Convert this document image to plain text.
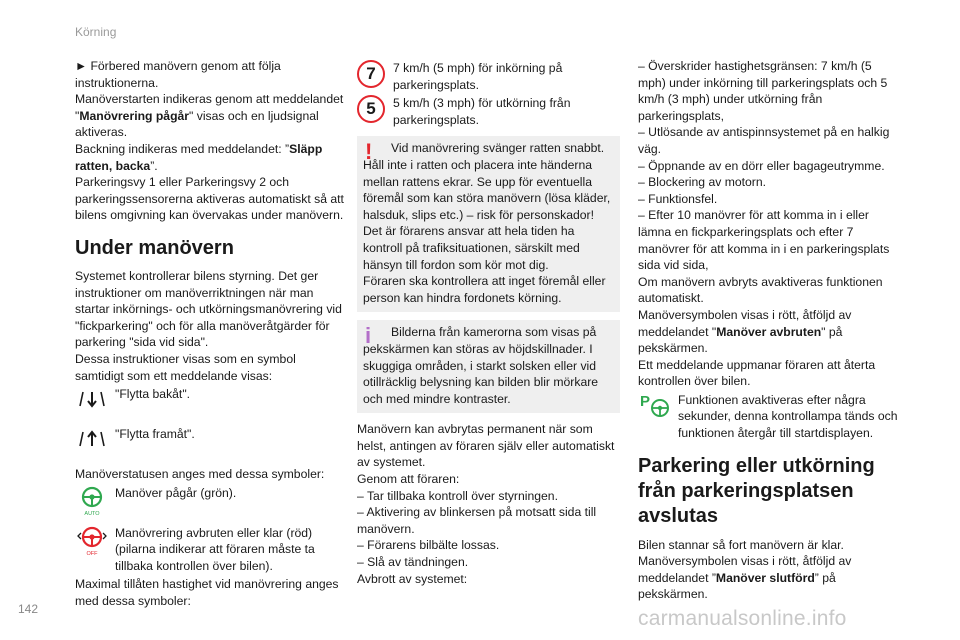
Körning

► Förbered manövern genom att följa instruktionerna.

Manöverstarten indikeras genom att meddelandet "Manövrering pågår" visas och en ljudsignal aktiveras.

Backning indikeras med meddelandet: ”Släpp ratten, backa”.

Parkeringsvy 1 eller Parkeringsvy 2 och parkeringssensorerna aktiveras automatiskt så att bilens omgivning kan övervakas under manövern.

Under manövern

Systemet kontrollerar bilens styrning. Det ger instruktioner om manöverriktningen när man startar inkörnings- och utkörningsmanövrering vid "fickparkering" och för alla manöveråtgärder för parkering "sida vid sida".

Dessa instruktioner visas som en symbol samtidigt som ett meddelande visas:

"Flytta bakåt".
"Flytta framåt".

Manöverstatusen anges med dessa symboler:

AUTO
Manöver pågår (grön).
OFF
Manövrering avbruten eller klar (röd) (pilarna indikerar att föraren måste ta tillbaka kontrollen över bilen).

Maximal tillåten hastighet vid manövrering anges med dessa symboler:

7	7 km/h (5 mph) för inkörning på parkeringsplats.
5	5 km/h (3 mph) för utkörning från parkeringsplats.
!	Vid manövrering svänger ratten snabbt. Håll inte i ratten och placera inte händerna mellan rattens ekrar. Se upp för eventuella föremål som kan störa manövern (lösa kläder, halsduk, slips etc.) – risk för personskador!

Det är förarens ansvar att hela tiden ha kontroll på trafiksituationen, särskilt med hänsyn till fordon som kör mot dig.

Föraren ska kontrollera att inget föremål eller person kan hindra fordonets körning.

i	Bilderna från kamerorna som visas på pekskärmen kan störas av höjdskillnader. I skuggiga områden, i starkt solsken eller vid otillräcklig belysning kan bilden blir mörkare och med mindre kontraster.

Manövern kan avbrytas permanent när som helst, antingen av föraren själv eller automatiskt av systemet.

Genom att föraren:

– Tar tillbaka kontroll över styrningen.

– Aktivering av blinkersen på motsatt sida till manövern.

– Förarens bilbälte lossas.

– Slå av tändningen.

Avbrott av systemet:

– Överskrider hastighetsgränsen: 7 km/h (5 mph) under inkörning till parkeringsplats och 5 km/h (3 mph) under utkörning från parkeringsplats,

– Utlösande av antispinnsystemet på en halkig väg.

– Öppnande av en dörr eller bagageutrymme.

– Blockering av motorn.

– Funktionsfel.

– Efter 10 manövrer för att komma in i eller lämna en fickparkeringsplats och efter 7 manövrer för att komma in i en parkeringsplats sida vid sida,

Om manövern avbryts avaktiveras funktionen automatiskt.

Manöversymbolen visas i rött, åtföljd av meddelandet "Manöver avbruten" på pekskärmen.

Ett meddelande uppmanar föraren att återta kontrollen över bilen.

P Funktionen avaktiveras efter några sekunder, denna kontrollampa tänds och funktionen återgår till startdisplayen.
Parkering eller utkörning från parkeringsplatsen avslutas

Bilen stannar så fort manövern är klar.

Manöversymbolen visas i rött, åtföljd av meddelandet ”Manöver slutförd” på pekskärmen.

142	carmanualsonline.info
